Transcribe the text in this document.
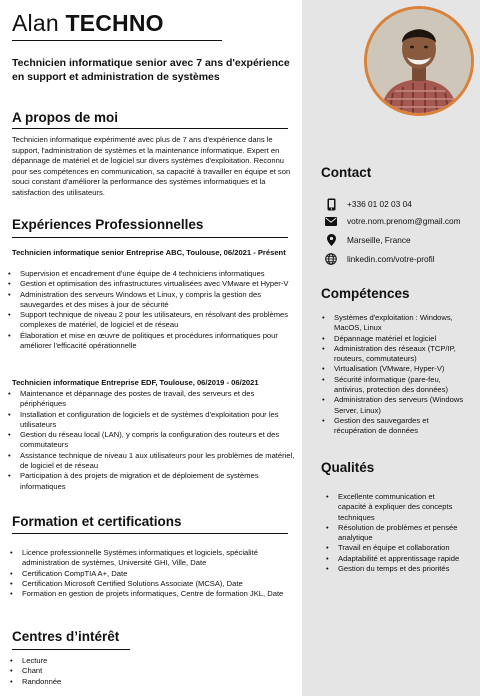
Alan TECHNO
Technicien informatique senior avec 7 ans d'expérience en support et administration de systèmes
A propos de moi
Technicien informatique expérimenté avec plus de 7 ans d'expérience dans le support, l'administration de systèmes et la maintenance informatique. Expert en dépannage de matériel et de logiciel sur divers systèmes d'exploitation. Reconnu pour ses compétences en communication, sa capacité à travailler en équipe et son souci constant d'améliorer la performance des systèmes informatiques et la satisfaction des utilisateurs.
Expériences Professionnelles
Technicien informatique senior Entreprise ABC, Toulouse, 06/2021 - Présent
• Supervision et encadrement d'une équipe de 4 techniciens informatiques
• Gestion et optimisation des infrastructures virtualisées avec VMware et Hyper-V
• Administration des serveurs Windows et Linux, y compris la gestion des sauvegardes et des mises à jour de sécurité
• Support technique de niveau 2 pour les utilisateurs, en résolvant des problèmes complexes de matériel, de logiciel et de réseau
• Élaboration et mise en œuvre de politiques et procédures informatiques pour améliorer l'efficacité opérationnelle
Technicien informatique Entreprise EDF, Toulouse, 06/2019 - 06/2021
• Maintenance et dépannage des postes de travail, des serveurs et des périphériques
• Installation et configuration de logiciels et de systèmes d'exploitation pour les utilisateurs
• Gestion du réseau local (LAN), y compris la configuration des routeurs et des commutateurs
• Assistance technique de niveau 1 aux utilisateurs pour les problèmes de matériel, de logiciel et de réseau
• Participation à des projets de migration et de déploiement de systèmes informatiques
Formation et certifications
• Licence professionnelle Systèmes informatiques et logiciels, spécialité administration de systèmes, Université GHI, Ville, Date
• Certification CompTIA A+, Date
• Certification Microsoft Certified Solutions Associate (MCSA), Date
• Formation en gestion de projets informatiques, Centre de formation JKL, Date
Centres d’intérêt
• Lecture
• Chant
• Randonnée
Contact
+336 01 02 03 04
votre.nom.prenom@gmail.com
Marseille, France
linkedin.com/votre-profil
Compétences
• Systèmes d'exploitation : Windows, MacOS, Linux
• Dépannage matériel et logiciel
• Administration des réseaux (TCP/IP, routeurs, commutateurs)
• Virtualisation (VMware, Hyper-V)
• Sécurité informatique (pare-feu, antivirus, protection des données)
• Administration des serveurs (Windows Server, Linux)
• Gestion des sauvegardes et récupération de données
Qualités
• Excellente communication et capacité à expliquer des concepts techniques
• Résolution de problèmes et pensée analytique
• Travail en équipe et collaboration
• Adaptabilité et apprentissage rapide
• Gestion du temps et des priorités
